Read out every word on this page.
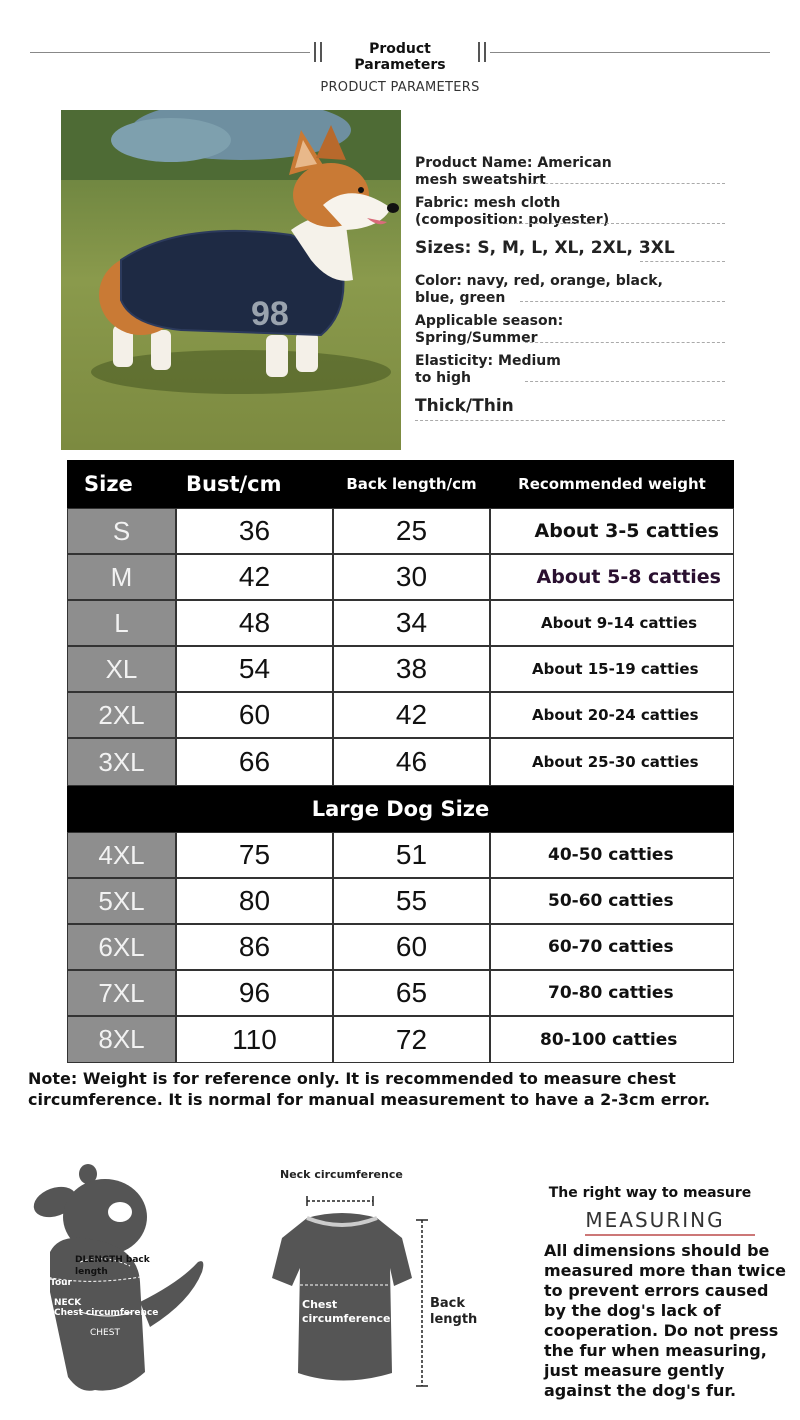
Product Parameters
PRODUCT PARAMETERS
98
Product Name: American mesh sweatshirt
Fabric: mesh cloth (composition: polyester)
Sizes: S, M, L, XL, 2XL, 3XL
Color: navy, red, orange, black, blue, green
Applicable season: Spring/Summer
Elasticity: Medium to high
Thick/Thin
Size	Bust/cm	Back length/cm	Recommended weight
S	36	25	About 3-5 catties
M	42	30	About 5-8 catties
L	48	34	About 9-14 catties
XL	54	38	About 15-19 catties
2XL	60	42	About 20-24 catties
3XL	66	46	About 25-30 catties
Large Dog Size
4XL	75	51	40-50 catties
5XL	80	55	50-60 catties
6XL	86	60	60-70 catties
7XL	96	65	70-80 catties
8XL	110	72	80-100 catties
Note: Weight is for reference only. It is recommended to measure chest circumference. It is normal for manual measurement to have a 2-3cm error.
DLENGTH back length
Tour
NECK
Chest circumference
CHEST
Neck circumference
Chest circumference
Back length
The right way to measure
MEASURING
All dimensions should be measured more than twice to prevent errors caused by the dog's lack of cooperation. Do not press the fur when measuring, just measure gently against the dog's fur.
